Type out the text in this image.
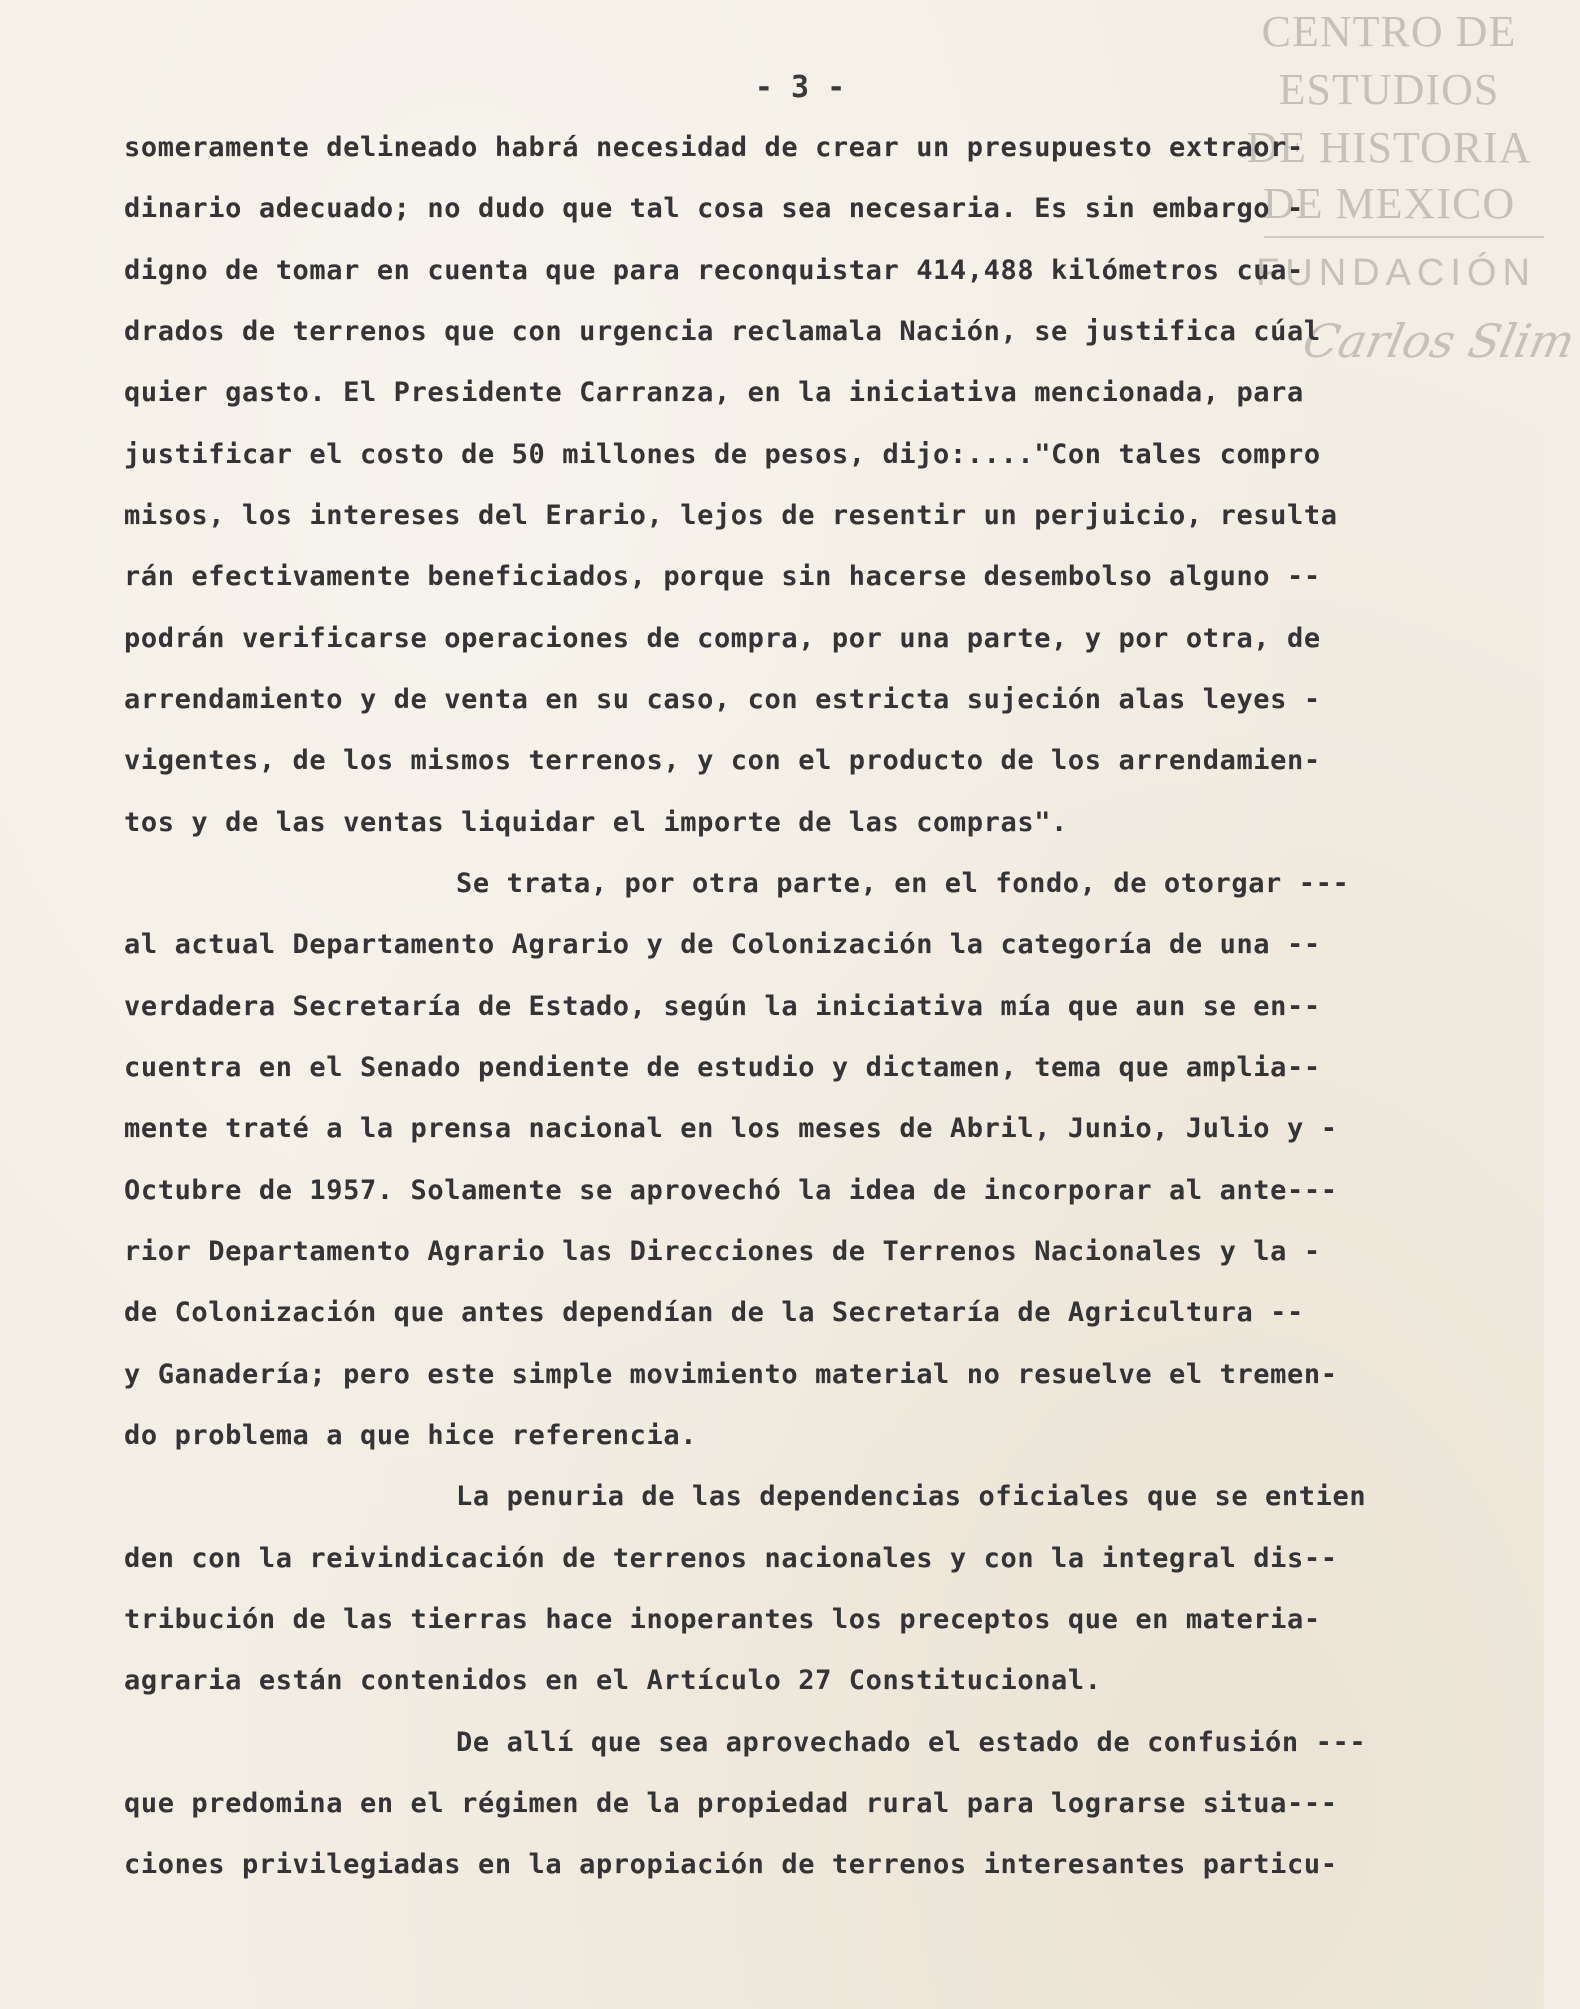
CENTRO DE
ESTUDIOS
DE HISTORIA
DE MEXICO
FUNDACIÓN
Carlos Slim
- 3 -
someramente delineado habrá necesidad de crear un presupuesto extraor-
dinario adecuado; no dudo que tal cosa sea necesaria. Es sin embargo -
digno de tomar en cuenta que para reconquistar 414,488 kilómetros cua-
drados de terrenos que con urgencia reclamala Nación, se justifica cúal
quier gasto. El Presidente Carranza, en la iniciativa mencionada, para
justificar el costo de 50 millones de pesos, dijo:...."Con tales compro
misos, los intereses del Erario, lejos de resentir un perjuicio, resulta
rán efectivamente beneficiados, porque sin hacerse desembolso alguno --
podrán verificarse operaciones de compra, por una parte, y por otra, de
arrendamiento y de venta en su caso, con estricta sujeción alas leyes -
vigentes, de los mismos terrenos, y con el producto de los arrendamien-
tos y de las ventas liquidar el importe de las compras".
Se trata, por otra parte, en el fondo, de otorgar ---
al actual Departamento Agrario y de Colonización la categoría de una --
verdadera Secretaría de Estado, según la iniciativa mía que aun se en--
cuentra en el Senado pendiente de estudio y dictamen, tema que amplia--
mente traté a la prensa nacional en los meses de Abril, Junio, Julio y -
Octubre de 1957. Solamente se aprovechó la idea de incorporar al ante---
rior Departamento Agrario las Direcciones de Terrenos Nacionales y la -
de Colonización que antes dependían de la Secretaría de Agricultura --
y Ganadería; pero este simple movimiento material no resuelve el tremen-
do problema a que hice referencia.
La penuria de las dependencias oficiales que se entien
den con la reivindicación de terrenos nacionales y con la integral dis--
tribución de las tierras hace inoperantes los preceptos que en materia-
agraria están contenidos en el Artículo 27 Constitucional.
De allí que sea aprovechado el estado de confusión ---
que predomina en el régimen de la propiedad rural para lograrse situa---
ciones privilegiadas en la apropiación de terrenos interesantes particu-
